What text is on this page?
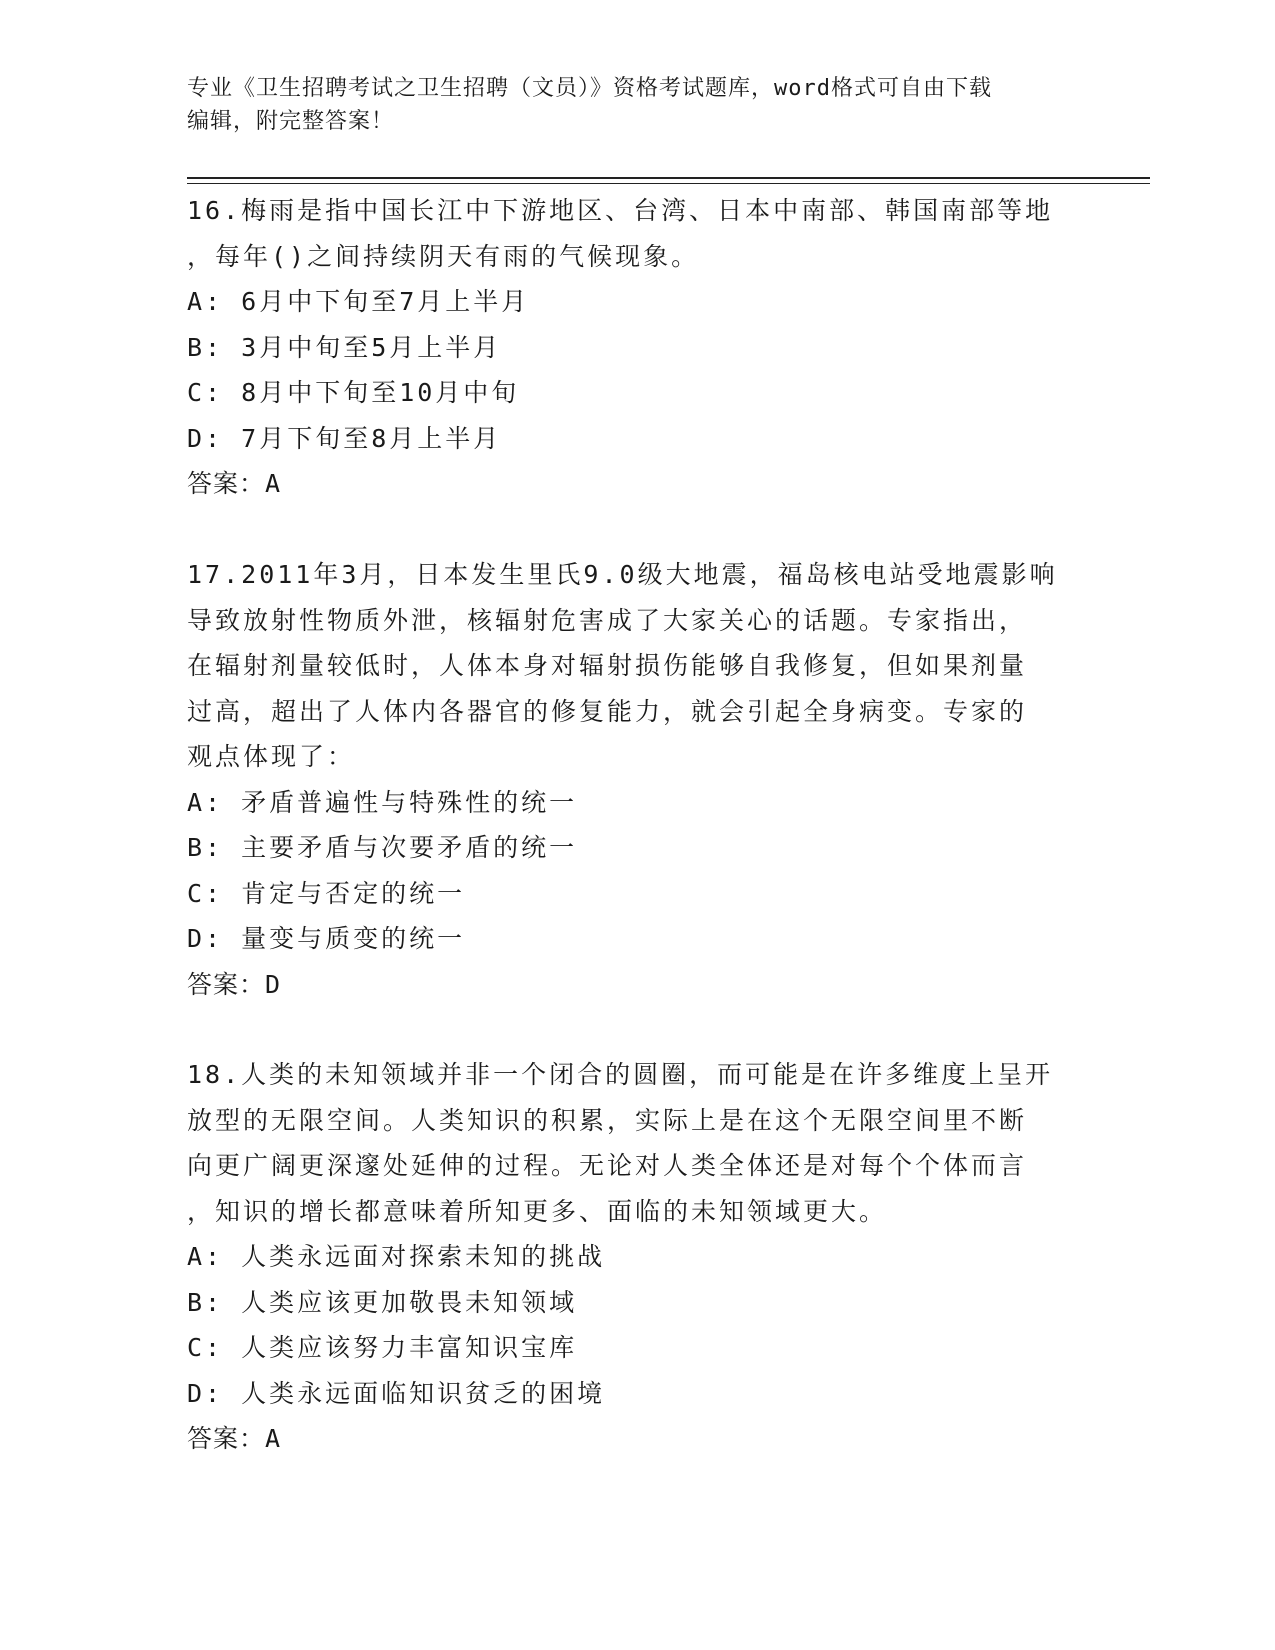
专业《卫生招聘考试之卫生招聘（文员）》资格考试题库，word格式可自由下载
编辑，附完整答案！
16.梅雨是指中国长江中下游地区、台湾、日本中南部、韩国南部等地
，每年()之间持续阴天有雨的气候现象。
A: 6月中下旬至7月上半月
B: 3月中旬至5月上半月
C: 8月中下旬至10月中旬
D: 7月下旬至8月上半月
答案：A
17.2011年3月，日本发生里氏9.0级大地震，福岛核电站受地震影响
导致放射性物质外泄，核辐射危害成了大家关心的话题。专家指出，
在辐射剂量较低时，人体本身对辐射损伤能够自我修复，但如果剂量
过高，超出了人体内各器官的修复能力，就会引起全身病变。专家的
观点体现了：
A: 矛盾普遍性与特殊性的统一
B: 主要矛盾与次要矛盾的统一
C: 肯定与否定的统一
D: 量变与质变的统一
答案：D
18.人类的未知领域并非一个闭合的圆圈，而可能是在许多维度上呈开
放型的无限空间。人类知识的积累，实际上是在这个无限空间里不断
向更广阔更深邃处延伸的过程。无论对人类全体还是对每个个体而言
，知识的增长都意味着所知更多、面临的未知领域更大。
A: 人类永远面对探索未知的挑战
B: 人类应该更加敬畏未知领域
C: 人类应该努力丰富知识宝库
D: 人类永远面临知识贫乏的困境
答案：A
